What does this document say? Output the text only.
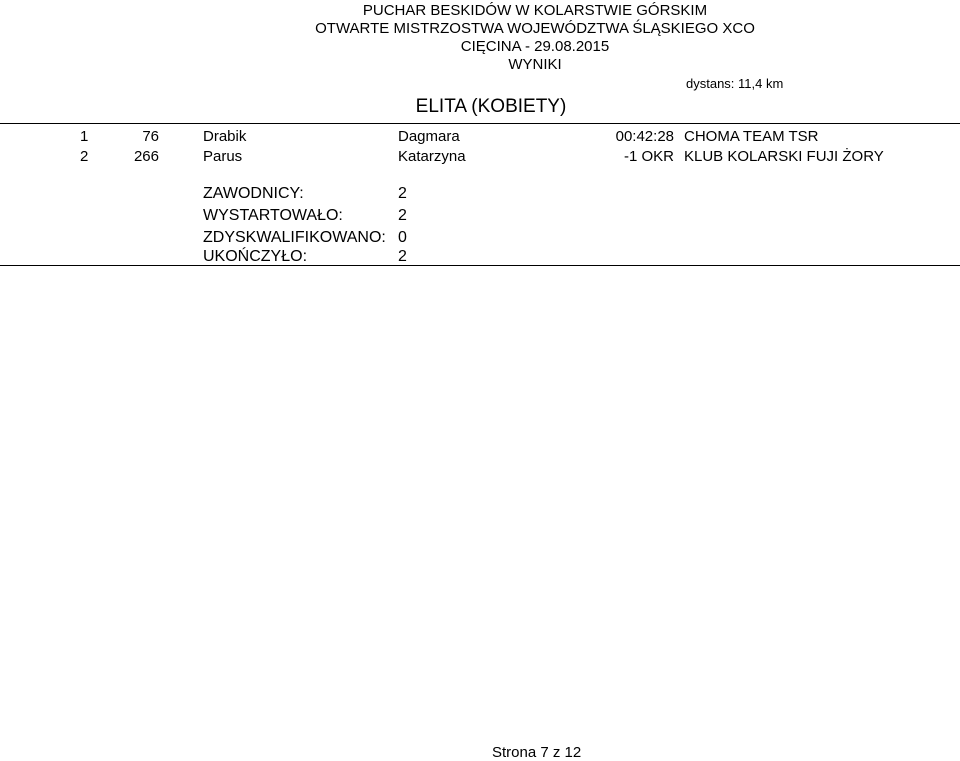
PUCHAR BESKIDÓW W KOLARSTWIE GÓRSKIM
OTWARTE MISTRZOSTWA WOJEWÓDZTWA ŚLĄSKIEGO XCO
CIĘCINA - 29.08.2015
WYNIKI
dystans: 11,4 km
ELITA (KOBIETY)
1	76	Drabik	Dagmara	00:42:28 CHOMA TEAM TSR
2	266	Parus	Katarzyna	-1 OKR KLUB KOLARSKI FUJI ŻORY
ZAWODNICY:	2
WYSTARTOWAŁO:	2
ZDYSKWALIFIKOWANO: 0
UKOŃCZYŁO:	2
Strona 7 z 12
